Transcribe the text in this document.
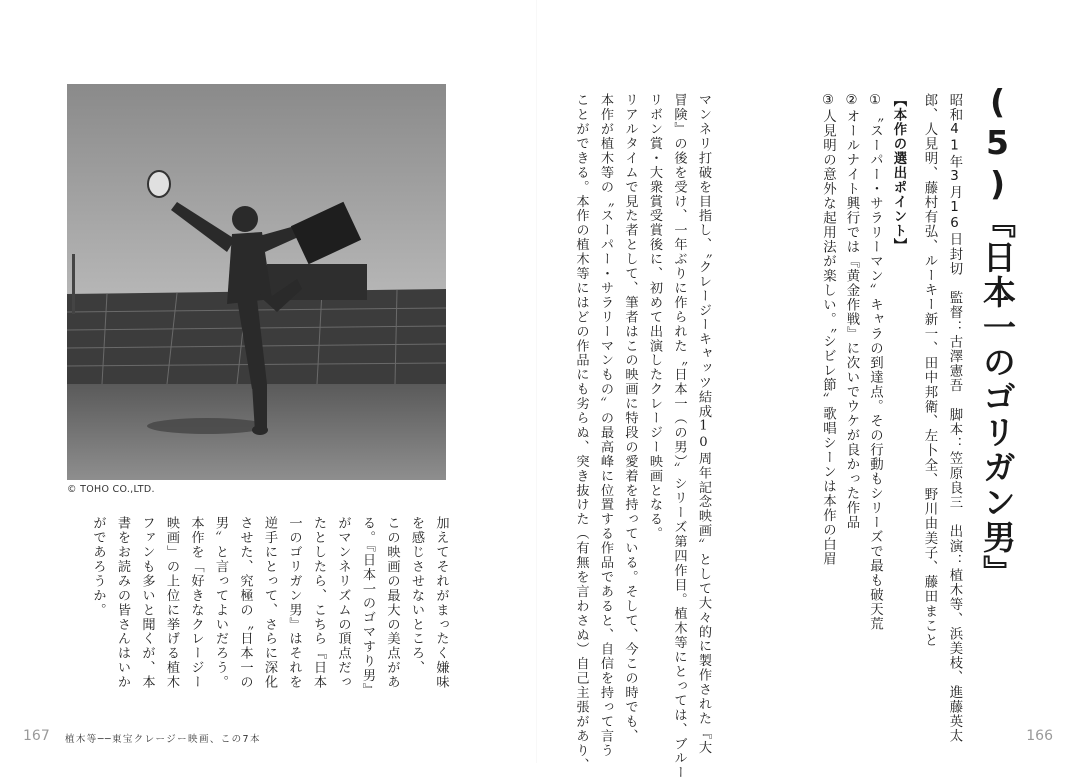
(5)『日本一のゴリガン男』
昭和41年3月16日封切　監督：古澤憲吾　脚本：笠原良三　出演：植木等、浜美枝、進藤英太
郎、人見明、藤村有弘、ルーキー新一、田中邦衛、左卜全、野川由美子、藤田まこと
【本作の選出ポイント】
①〝スーパー・サラリーマン〟キャラの到達点。その行動もシリーズで最も破天荒
②オールナイト興行では『黄金作戦』に次いでウケが良かった作品
③人見明の意外な起用法が楽しい。〝シビレ節〟歌唱シーンは本作の白眉
マンネリ打破を目指し、〝クレージーキャッツ結成10周年記念映画〟として大々的に製作された『大
冒険』の後を受け、一年ぶりに作られた〝日本一（の男）〟シリーズ第四作目。植木等にとっては、ブルー
リボン賞・大衆賞受賞後に、初めて出演したクレージー映画となる。
リアルタイムで見た者として、筆者はこの映画に特段の愛着を持っている。そして、今この時でも、
本作が植木等の〝スーパー・サラリーマンもの〟の最高峰に位置する作品であると、自信を持って言う
ことができる。本作の植木等にはどの作品にも劣らぬ、突き抜けた（有無を言わさぬ）自己主張があり、
© TOHO CO.,LTD.
加えてそれがまったく嫌味
を感じさせないところ、
この映画の最大の美点があ
る。『日本一のゴマすり男』
がマンネリズムの頂点だっ
たとしたら、こちら『日本
一のゴリガン男』はそれを
逆手にとって、さらに深化
させた、究極の〝日本一の
男〟と言ってよいだろう。
本作を「好きなクレージー
映画」の上位に挙げる植木
ファンも多いと聞くが、本
書をお読みの皆さんはいか
がであろうか。
167 植木等──東宝クレージー映画、この7本	166
